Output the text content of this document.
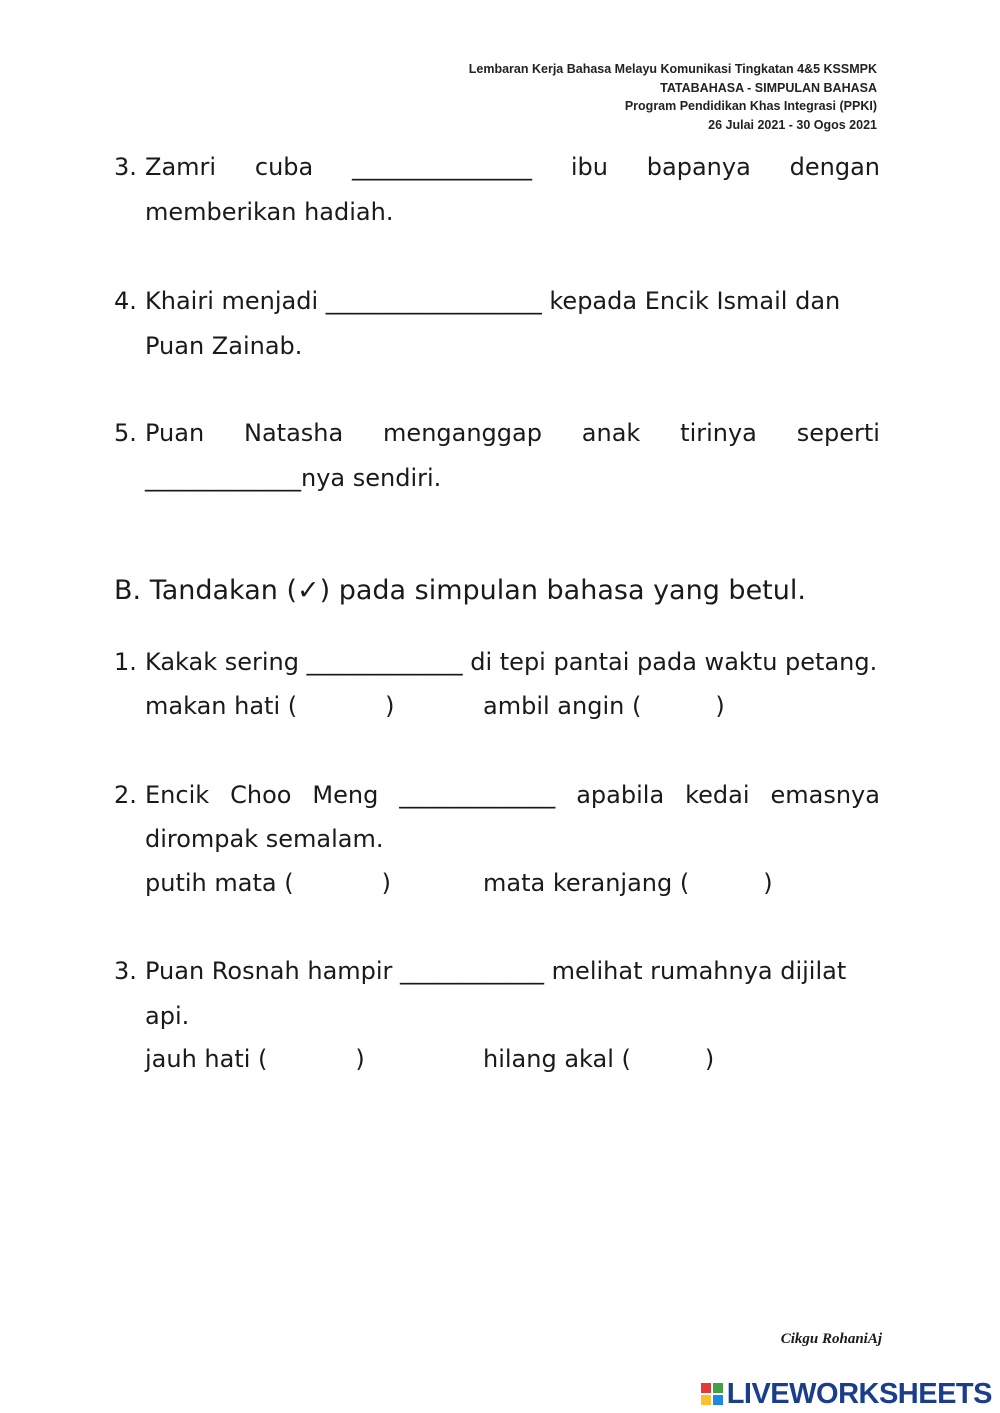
Lembaran Kerja Bahasa Melayu Komunikasi Tingkatan 4&5 KSSMPK
TATABAHASA - SIMPULAN BAHASA
Program Pendidikan Khas Integrasi (PPKI)
26 Julai 2021 - 30 Ogos 2021
3. Zamri cuba _______________ ibu bapanya dengan
memberikan hadiah.
4. Khairi menjadi __________________ kepada Encik Ismail dan
Puan Zainab.
5. Puan Natasha menganggap anak tirinya seperti
_____________nya sendiri.
B. Tandakan (✓) pada simpulan bahasa yang betul.
1. Kakak sering _____________ di tepi pantai pada waktu petang.
makan hati (	)	ambil angin (	)
2. Encik Choo Meng _____________ apabila kedai emasnya
dirompak semalam.
putih mata (	)	mata keranjang (	)
3. Puan Rosnah hampir ____________ melihat rumahnya dijilat
api.
jauh hati (	)	hilang akal (	)
Cikgu RohaniAj
LIVEWORKSHEETS
